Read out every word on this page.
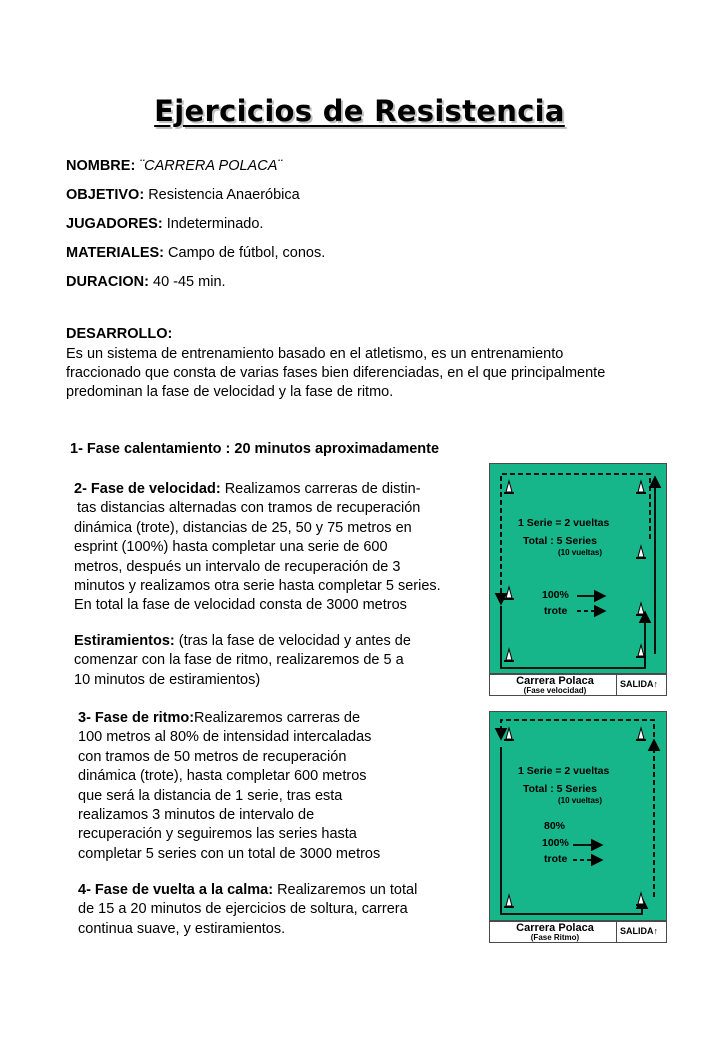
Ejercicios de Resistencia
NOMBRE: ¨CARRERA POLACA¨
OBJETIVO: Resistencia Anaeróbica
JUGADORES: Indeterminado.
MATERIALES: Campo de fútbol, conos.
DURACION: 40 -45 min.
DESARROLLO:
Es un sistema de entrenamiento basado en el atletismo, es un entrenamiento
fraccionado que consta de varias fases bien diferenciadas, en el que principalmente
predominan la fase de velocidad y la fase de ritmo.
1- Fase calentamiento : 20 minutos aproximadamente
2- Fase de velocidad: Realizamos carreras de distin-
tas distancias alternadas con tramos de recuperación
dinámica (trote), distancias de 25, 50 y 75 metros en
esprint (100%) hasta completar una serie de 600
metros, después un intervalo de recuperación de 3
minutos y realizamos otra serie hasta completar 5 series.
En total la fase de velocidad consta de 3000 metros
Estiramientos: (tras la fase de velocidad y antes de
comenzar con la fase de ritmo, realizaremos de 5 a
10 minutos de estiramientos)
3- Fase de ritmo:Realizaremos carreras de
100 metros al 80% de intensidad intercaladas
con tramos de 50 metros de recuperación
dinámica (trote), hasta completar 600 metros
que será la distancia de 1 serie, tras esta
realizamos 3 minutos de intervalo de
recuperación y seguiremos las series hasta
completar 5 series con un total de 3000 metros
4- Fase de vuelta a la calma: Realizaremos un total
de 15 a 20 minutos de ejercicios de soltura, carrera
continua suave, y estiramientos.
1 Serie = 2 vueltas
Total : 5 Series
(10 vueltas)
100%
trote
Carrera Polaca
(Fase velocidad)
SALIDA↑
1 Serie = 2 vueltas
Total : 5 Series
(10 vueltas)
80%
100%
trote
Carrera Polaca
(Fase Ritmo)
SALIDA↑
